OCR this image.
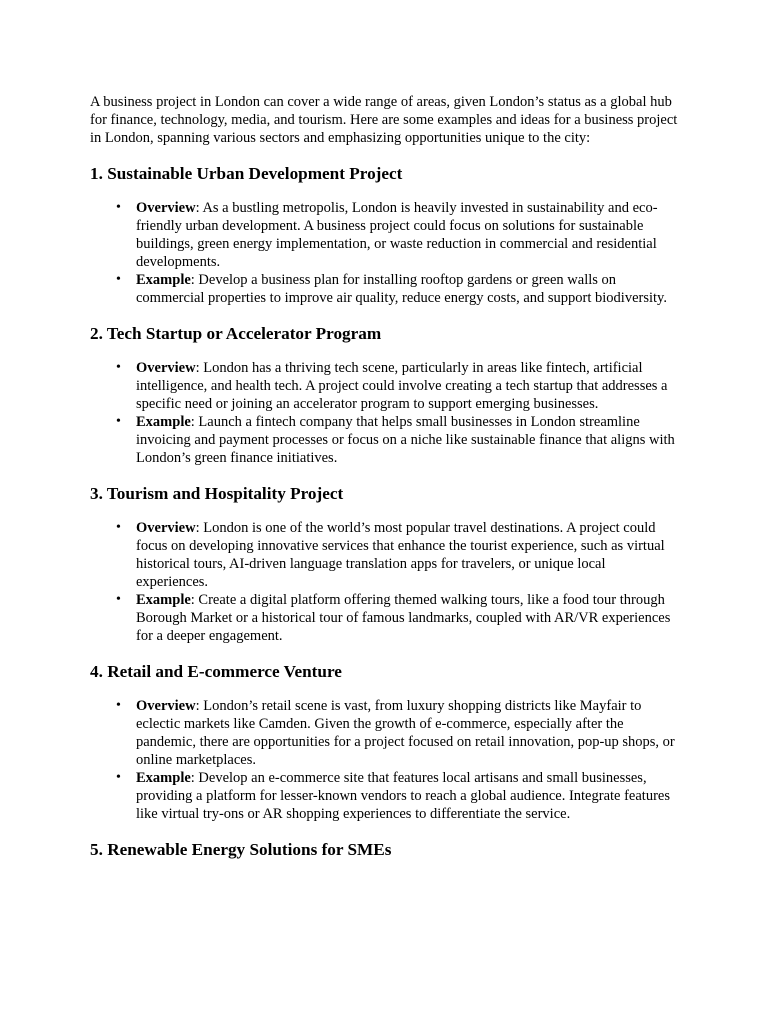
A business project in London can cover a wide range of areas, given London’s status as a global hub for finance, technology, media, and tourism. Here are some examples and ideas for a business project in London, spanning various sectors and emphasizing opportunities unique to the city:

1. Sustainable Urban Development Project
• Overview: As a bustling metropolis, London is heavily invested in sustainability and eco-friendly urban development. A business project could focus on solutions for sustainable buildings, green energy implementation, or waste reduction in commercial and residential developments.
• Example: Develop a business plan for installing rooftop gardens or green walls on commercial properties to improve air quality, reduce energy costs, and support biodiversity.
2. Tech Startup or Accelerator Program
• Overview: London has a thriving tech scene, particularly in areas like fintech, artificial intelligence, and health tech. A project could involve creating a tech startup that addresses a specific need or joining an accelerator program to support emerging businesses.
• Example: Launch a fintech company that helps small businesses in London streamline invoicing and payment processes or focus on a niche like sustainable finance that aligns with London’s green finance initiatives.
3. Tourism and Hospitality Project
• Overview: London is one of the world’s most popular travel destinations. A project could focus on developing innovative services that enhance the tourist experience, such as virtual historical tours, AI-driven language translation apps for travelers, or unique local experiences.
• Example: Create a digital platform offering themed walking tours, like a food tour through Borough Market or a historical tour of famous landmarks, coupled with AR/VR experiences for a deeper engagement.
4. Retail and E-commerce Venture
• Overview: London’s retail scene is vast, from luxury shopping districts like Mayfair to eclectic markets like Camden. Given the growth of e-commerce, especially after the pandemic, there are opportunities for a project focused on retail innovation, pop-up shops, or online marketplaces.
• Example: Develop an e-commerce site that features local artisans and small businesses, providing a platform for lesser-known vendors to reach a global audience. Integrate features like virtual try-ons or AR shopping experiences to differentiate the service.
5. Renewable Energy Solutions for SMEs
